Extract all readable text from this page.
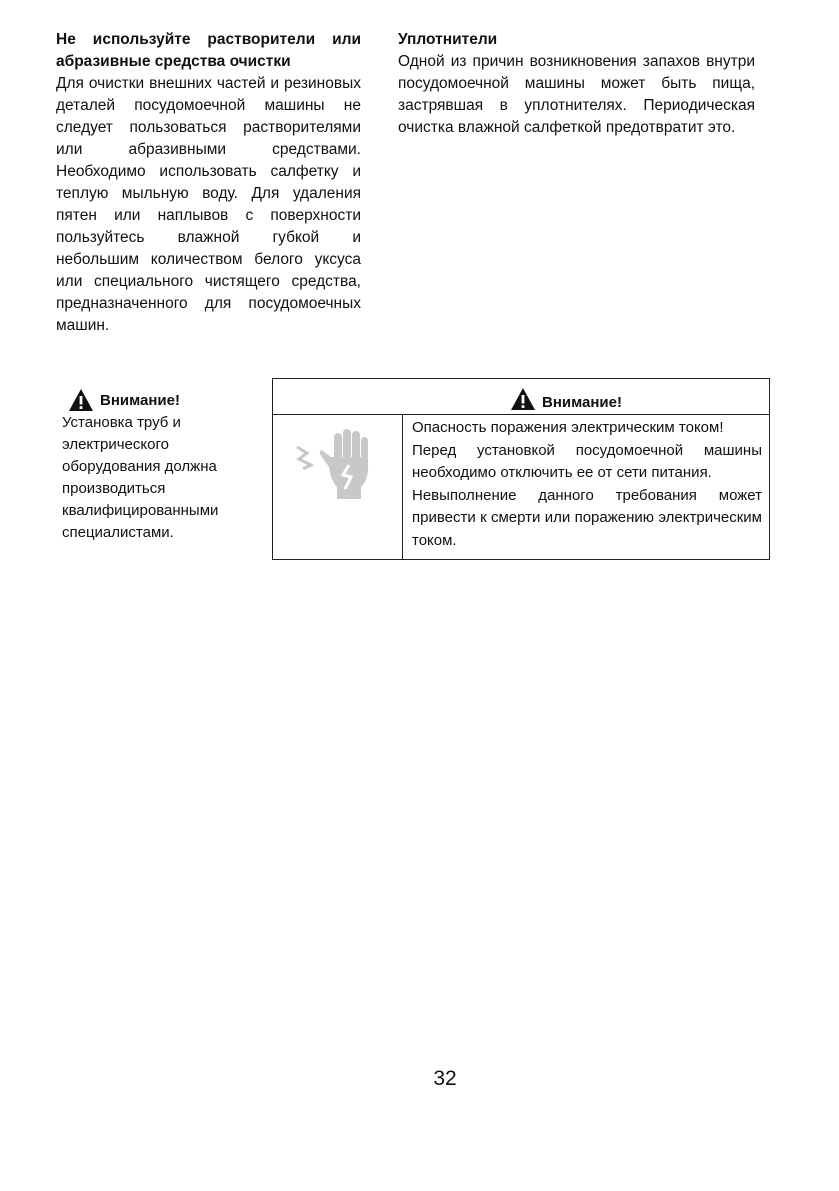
Не используйте растворители или абразивные средства очистки

Для очистки внешних частей и резиновых деталей посудомоечной машины не следует пользоваться растворителями или абразивными средствами. Необходимо использовать салфетку и теплую мыльную воду. Для удаления пятен или наплывов с поверхности пользуйтесь влажной губкой и небольшим количеством белого уксуса или специального чистящего средства, предназначенного для посудомоечных машин.

Уплотнители

Одной из причин возникновения запахов внутри посудомоечной машины может быть пища, застрявшая в уплотнителях. Периодическая очистка влажной салфеткой предотвратит это.

Внимание!

Установка труб и электрического оборудования должна производиться квалифицированными специалистами.

Внимание!

Опасность поражения электрическим током!

Перед установкой посудомоечной машины необходимо отключить ее от сети питания.

Невыполнение данного требования может привести к смерти или поражению электрическим током.

32
